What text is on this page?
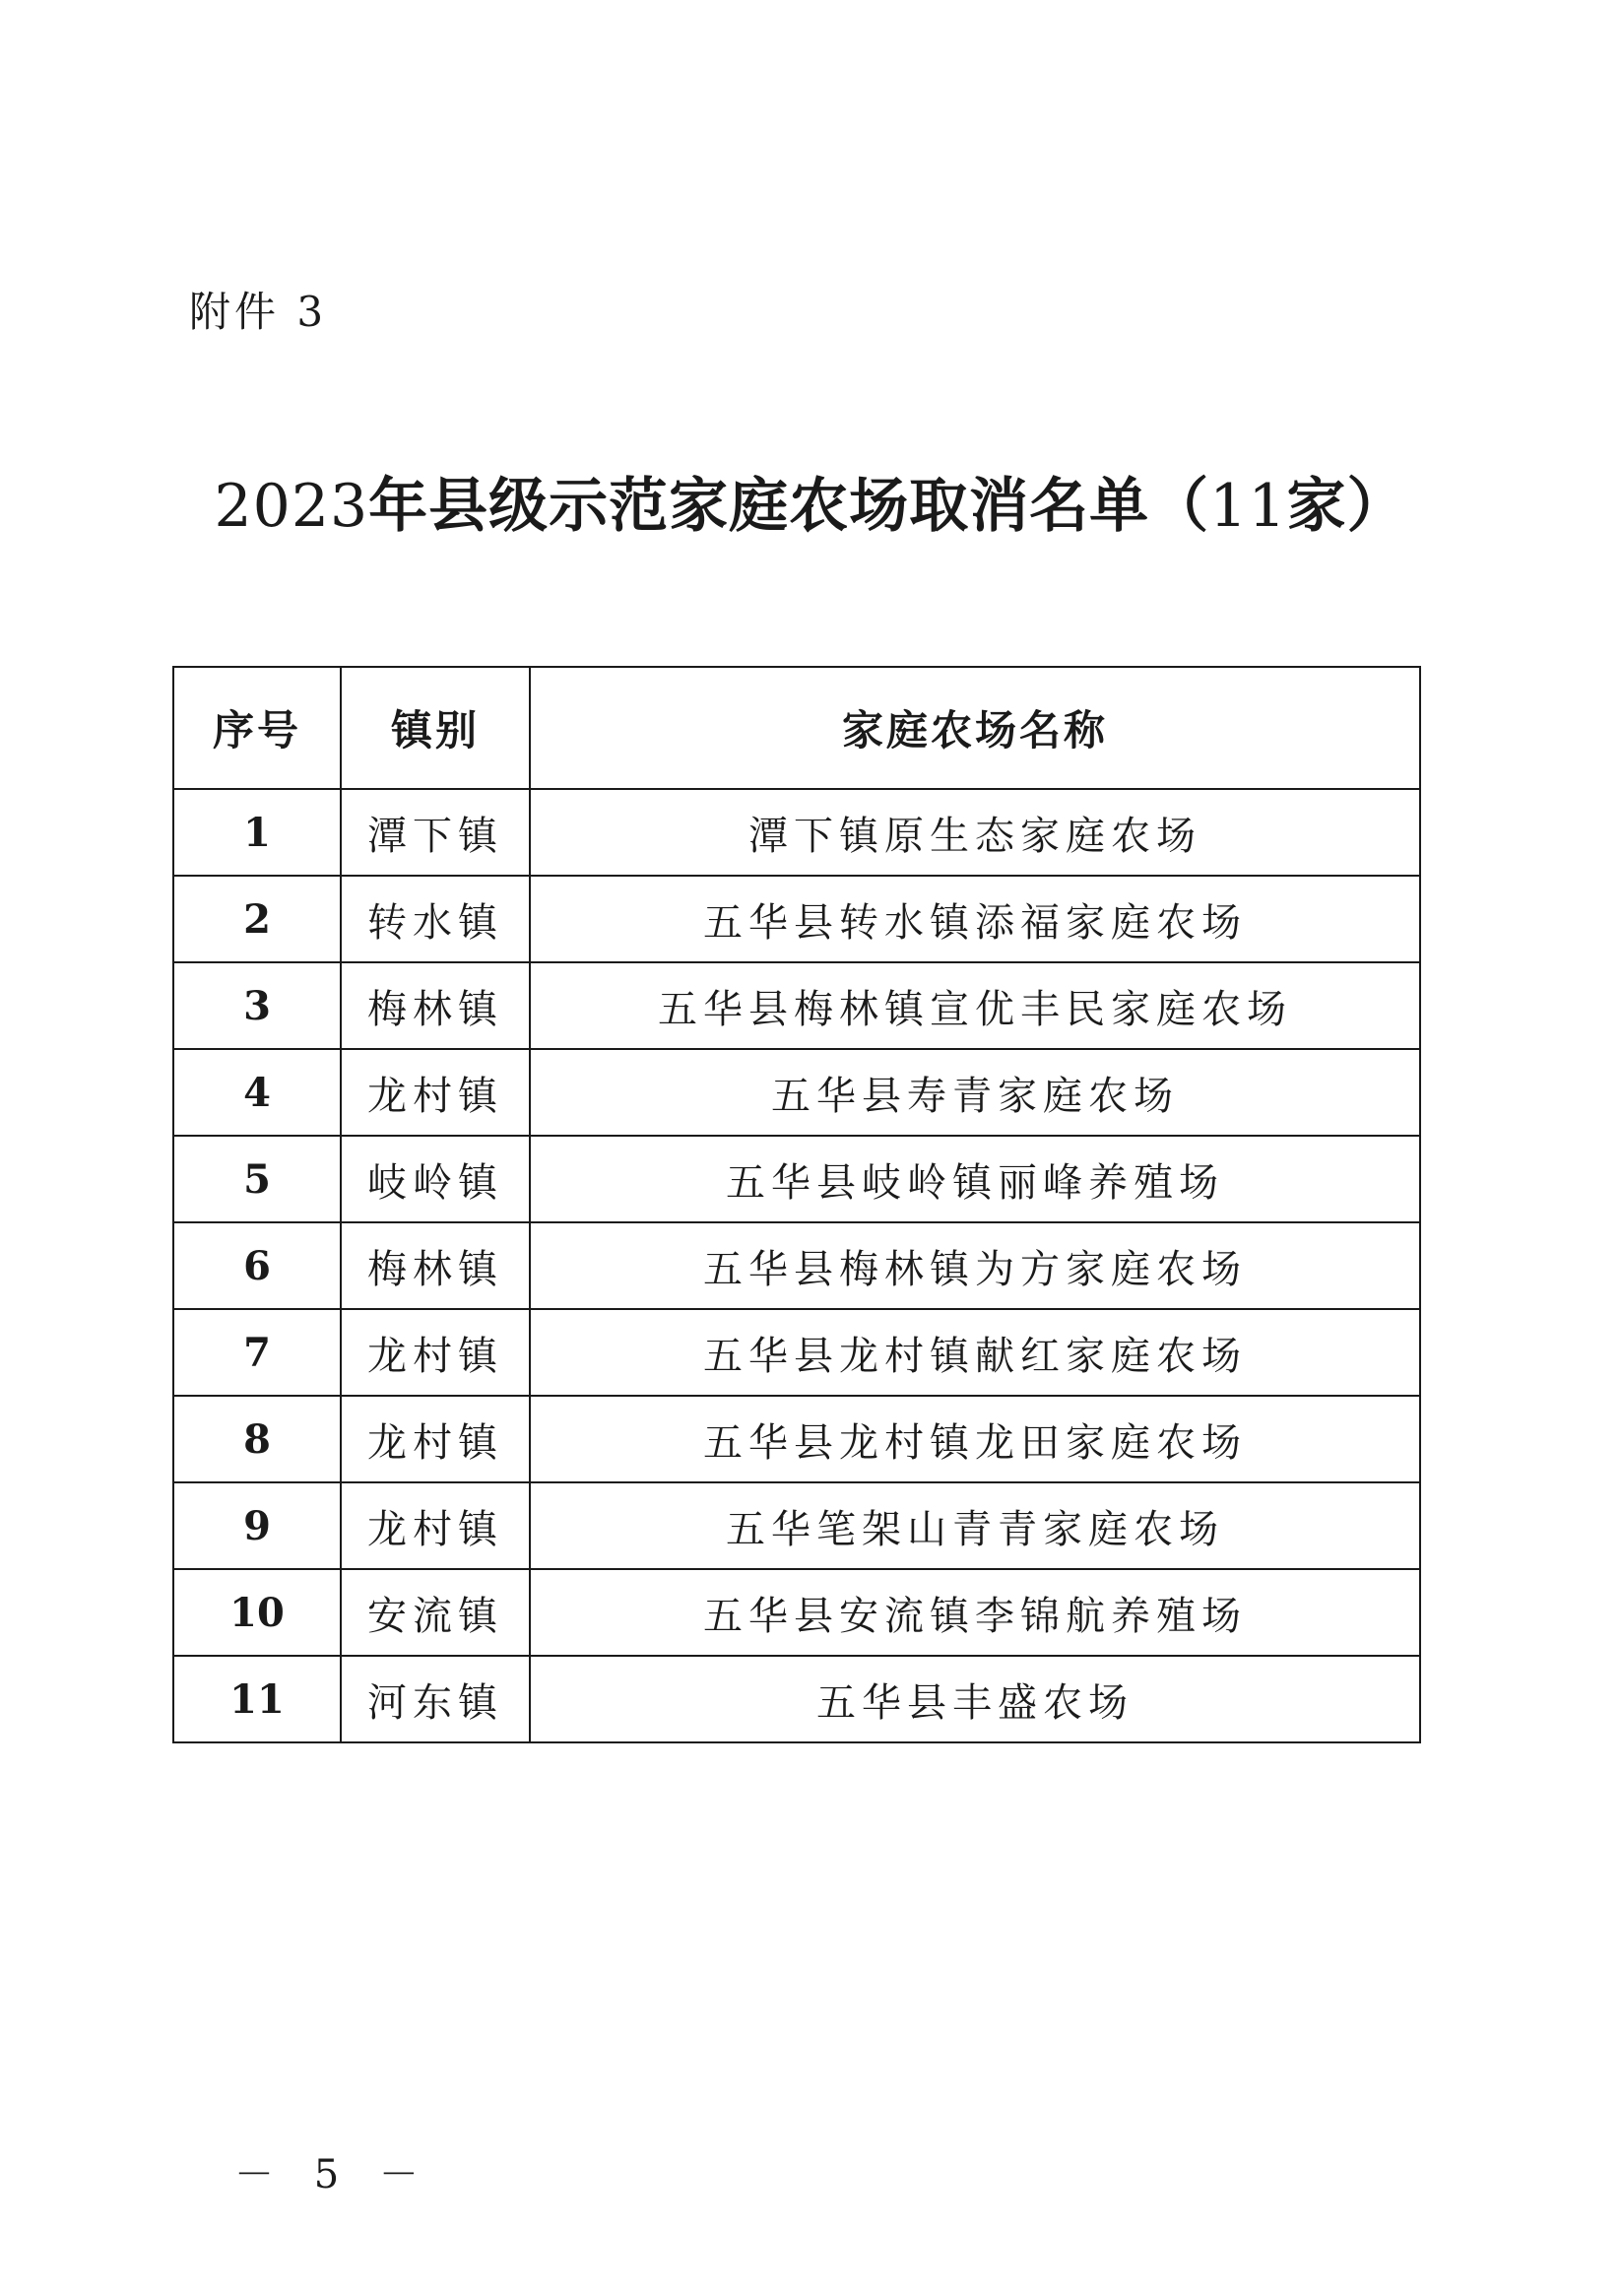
附件 3
2023年县级示范家庭农场取消名单（11家）
序号	镇别	家庭农场名称
1	潭下镇	潭下镇原生态家庭农场
2	转水镇	五华县转水镇添福家庭农场
3	梅林镇	五华县梅林镇宣优丰民家庭农场
4	龙村镇	五华县寿青家庭农场
5	岐岭镇	五华县岐岭镇丽峰养殖场
6	梅林镇	五华县梅林镇为方家庭农场
7	龙村镇	五华县龙村镇献红家庭农场
8	龙村镇	五华县龙村镇龙田家庭农场
9	龙村镇	五华笔架山青青家庭农场
10	安流镇	五华县安流镇李锦航养殖场
11	河东镇	五华县丰盛农场
－ 5 －
